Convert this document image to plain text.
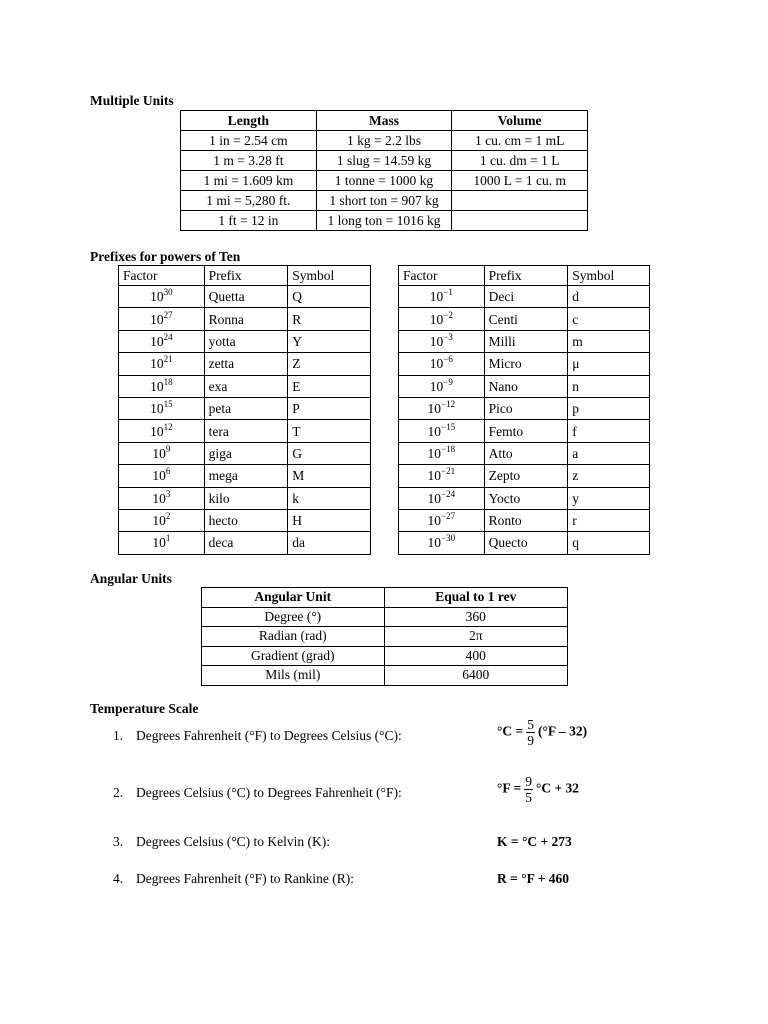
Multiple Units
Length	Mass	Volume
1 in = 2.54 cm	1 kg = 2.2 lbs	1 cu. cm = 1 mL
1 m = 3.28 ft	1 slug = 14.59 kg	1 cu. dm = 1 L
1 mi = 1.609 km	1 tonne = 1000 kg	1000 L = 1 cu. m
1 mi = 5,280 ft.	1 short ton = 907 kg	
1 ft = 12 in	1 long ton = 1016 kg	
Prefixes for powers of Ten
Factor	Prefix	Symbol
$10^{30}$	Quetta	Q
$10^{27}$	Ronna	R
$10^{24}$	yotta	Y
$10^{21}$	zetta	Z
$10^{18}$	exa	E
$10^{15}$	peta	P
$10^{12}$	tera	T
$10^9$	giga	G
$10^6$	mega	M
$10^3$	kilo	k
$10^2$	hecto	H
$10^1$	deca	da
Factor	Prefix	Symbol
$10^{-1}$	Deci	d
$10^{-2}$	Centi	c
$10^{-3}$	Milli	m
$10^{-6}$	Micro	μ
$10^{-9}$	Nano	n
$10^{-12}$	Pico	p
$10^{-15}$	Femto	f
$10^{-18}$	Atto	a
$10^{-21}$	Zepto	z
$10^{-24}$	Yocto	y
$10^{-27}$	Ronto	r
$10^{-30}$	Quecto	q
Angular Units
Angular Unit	Equal to 1 rev
Degree (°)	360
Radian (rad)	2π
Gradient (grad)	400
Mils (mil)	6400
Temperature Scale
1. Degrees Fahrenheit (°F) to Degrees Celsius (°C):	$^\circ C = \frac{5}{9} (^\circ F - 32)$
2. Degrees Celsius (°C) to Degrees Fahrenheit (°F):	$^\circ F = \frac{9}{5} ^\circ C + 32$
3. Degrees Celsius (°C) to Kelvin (K):	K = °C + 273
4. Degrees Fahrenheit (°F) to Rankine (R):	R = °F + 460
